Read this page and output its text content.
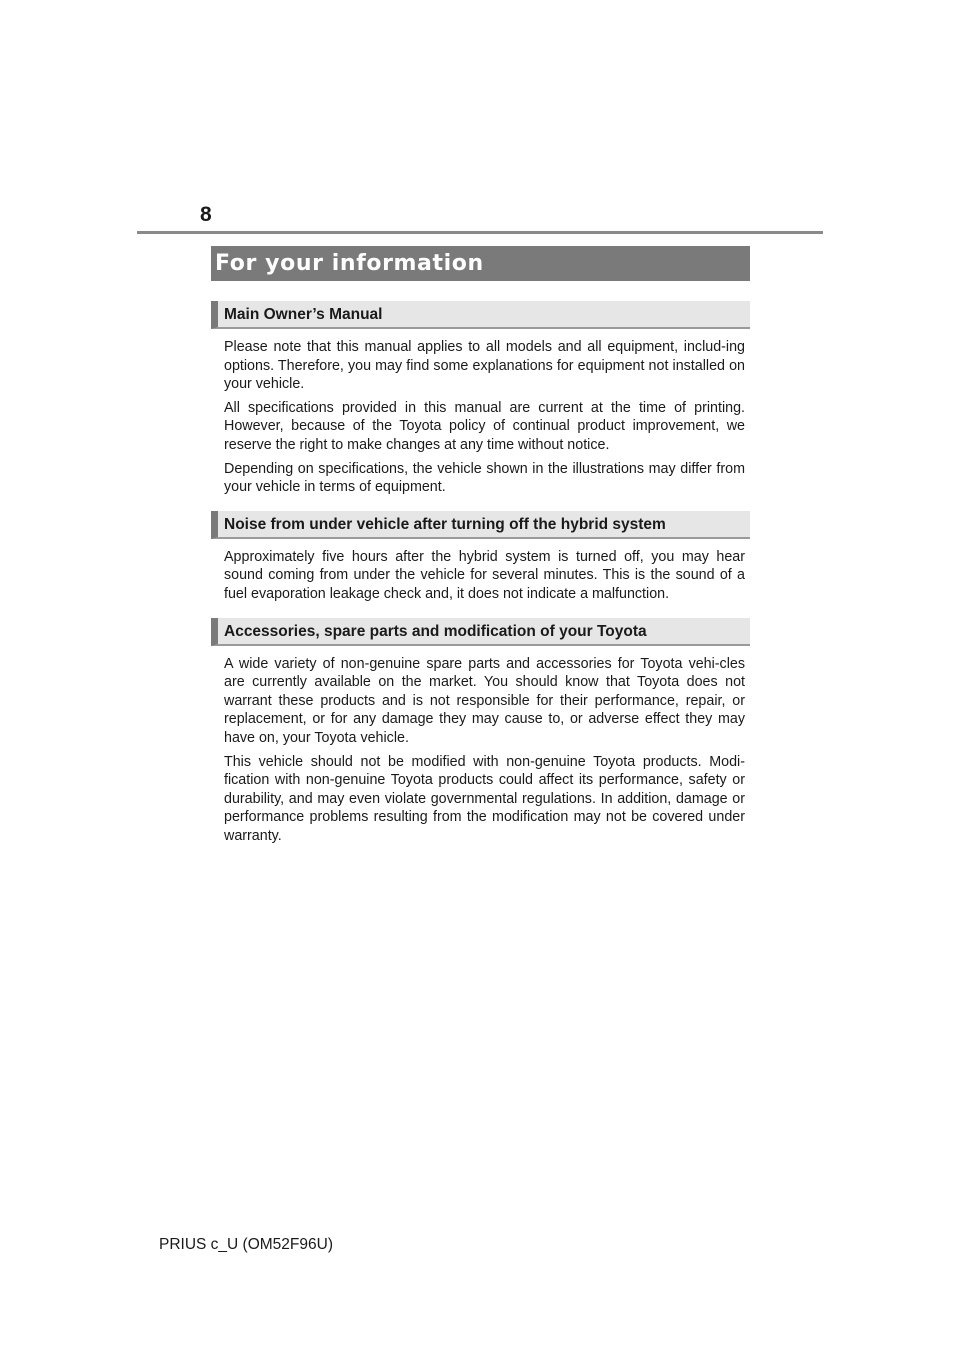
8
For your information
Main Owner’s Manual

Please note that this manual applies to all models and all equipment, includ-ing options. Therefore, you may find some explanations for equipment not installed on your vehicle.

All specifications provided in this manual are current at the time of printing. However, because of the Toyota policy of continual product improvement, we reserve the right to make changes at any time without notice.

Depending on specifications, the vehicle shown in the illustrations may differ from your vehicle in terms of equipment.

Noise from under vehicle after turning off the hybrid system

Approximately five hours after the hybrid system is turned off, you may hear sound coming from under the vehicle for several minutes. This is the sound of a fuel evaporation leakage check and, it does not indicate a malfunction.

Accessories, spare parts and modification of your Toyota

A wide variety of non-genuine spare parts and accessories for Toyota vehi-cles are currently available on the market. You should know that Toyota does not warrant these products and is not responsible for their performance, repair, or replacement, or for any damage they may cause to, or adverse effect they may have on, your Toyota vehicle.

This vehicle should not be modified with non-genuine Toyota products. Modi-fication with non-genuine Toyota products could affect its performance, safety or durability, and may even violate governmental regulations. In addition, damage or performance problems resulting from the modification may not be covered under warranty.

PRIUS c_U (OM52F96U)
